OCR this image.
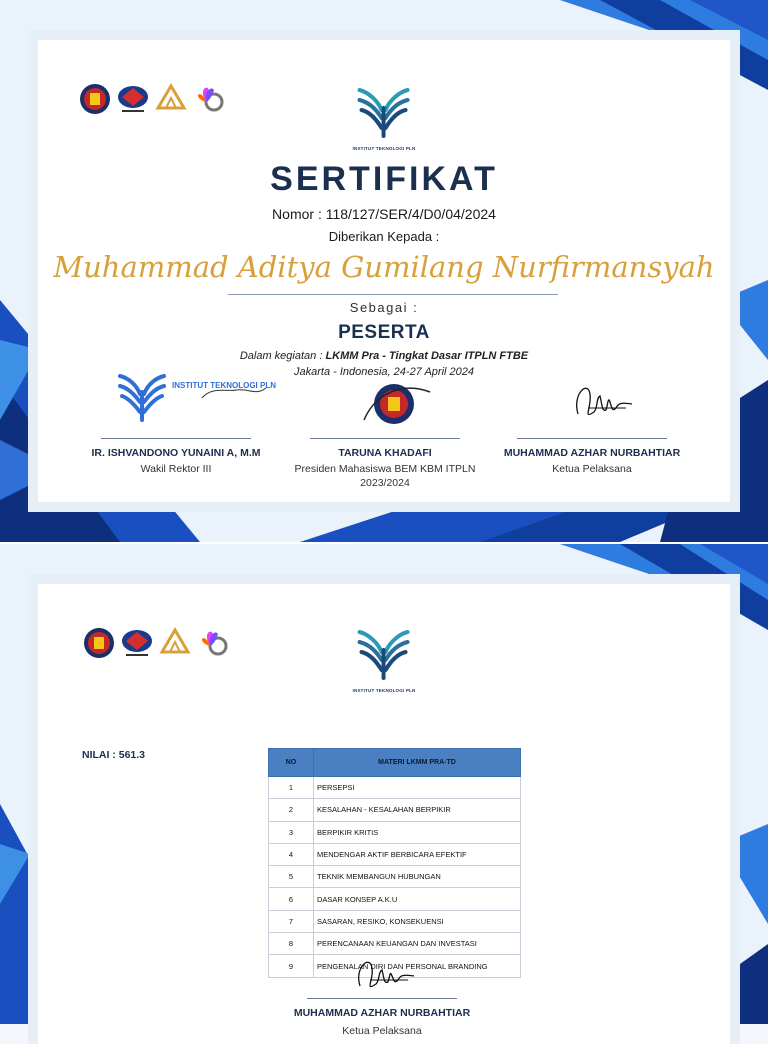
INSTITUT TEKNOLOGI PLN
SERTIFIKAT
Nomor : 118/127/SER/4/D0/04/2024
Diberikan Kepada :
Muhammad Aditya Gumilang Nurfirmansyah
Sebagai :
PESERTA
Dalam kegiatan : LKMM Pra - Tingkat Dasar ITPLN FTBE
Jakarta - Indonesia, 24-27 April 2024
INSTITUT TEKNOLOGI PLN
IR. ISHVANDONO YUNAINI A, M.M
Wakil Rektor III
TARUNA KHADAFI
Presiden Mahasiswa BEM KBM ITPLN
2023/2024
MUHAMMAD AZHAR NURBAHTIAR
Ketua Pelaksana
INSTITUT TEKNOLOGI PLN
NILAI : 561.3
NO	MATERI LKMM PRA-TD
1	PERSEPSI
2	KESALAHAN - KESALAHAN BERPIKIR
3	BERPIKIR KRITIS
4	MENDENGAR AKTIF BERBICARA EFEKTIF
5	TEKNIK MEMBANGUN HUBUNGAN
6	DASAR KONSEP A.K.U
7	SASARAN, RESIKO, KONSEKUENSI
8	PERENCANAAN KEUANGAN DAN INVESTASI
9	PENGENALAN DIRI DAN PERSONAL BRANDING
MUHAMMAD AZHAR NURBAHTIAR
Ketua Pelaksana
